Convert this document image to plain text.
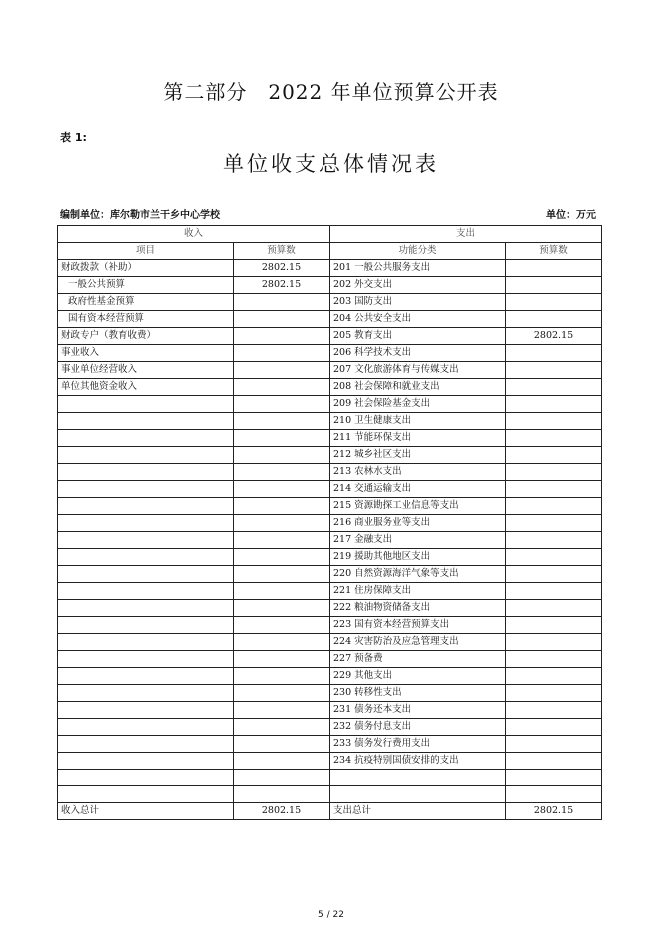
第二部分　2022 年单位预算公开表
表 1:
单位收支总体情况表
编制单位：库尔勒市兰干乡中心学校	单位：万元
收入		支出	
项目	预算数	功能分类	预算数
财政拨款（补助）	2802.15	201 一般公共服务支出	
一般公共预算	2802.15	202 外交支出	
政府性基金预算		203 国防支出	
国有资本经营预算		204 公共安全支出	
财政专户（教育收费）		205 教育支出	2802.15
事业收入		206 科学技术支出	
事业单位经营收入		207 文化旅游体育与传媒支出	
单位其他资金收入		208 社会保障和就业支出	
		209 社会保险基金支出	
		210 卫生健康支出	
		211 节能环保支出	
		212 城乡社区支出	
		213 农林水支出	
		214 交通运输支出	
		215 资源勘探工业信息等支出	
		216 商业服务业等支出	
		217 金融支出	
		219 援助其他地区支出	
		220 自然资源海洋气象等支出	
		221 住房保障支出	
		222 粮油物资储备支出	
		223 国有资本经营预算支出	
		224 灾害防治及应急管理支出	
		227 预备费	
		229 其他支出	
		230 转移性支出	
		231 债务还本支出	
		232 债务付息支出	
		233 债务发行费用支出	
		234 抗疫特别国债安排的支出	

收入总计	2802.15	支出总计	2802.15
5 / 22
